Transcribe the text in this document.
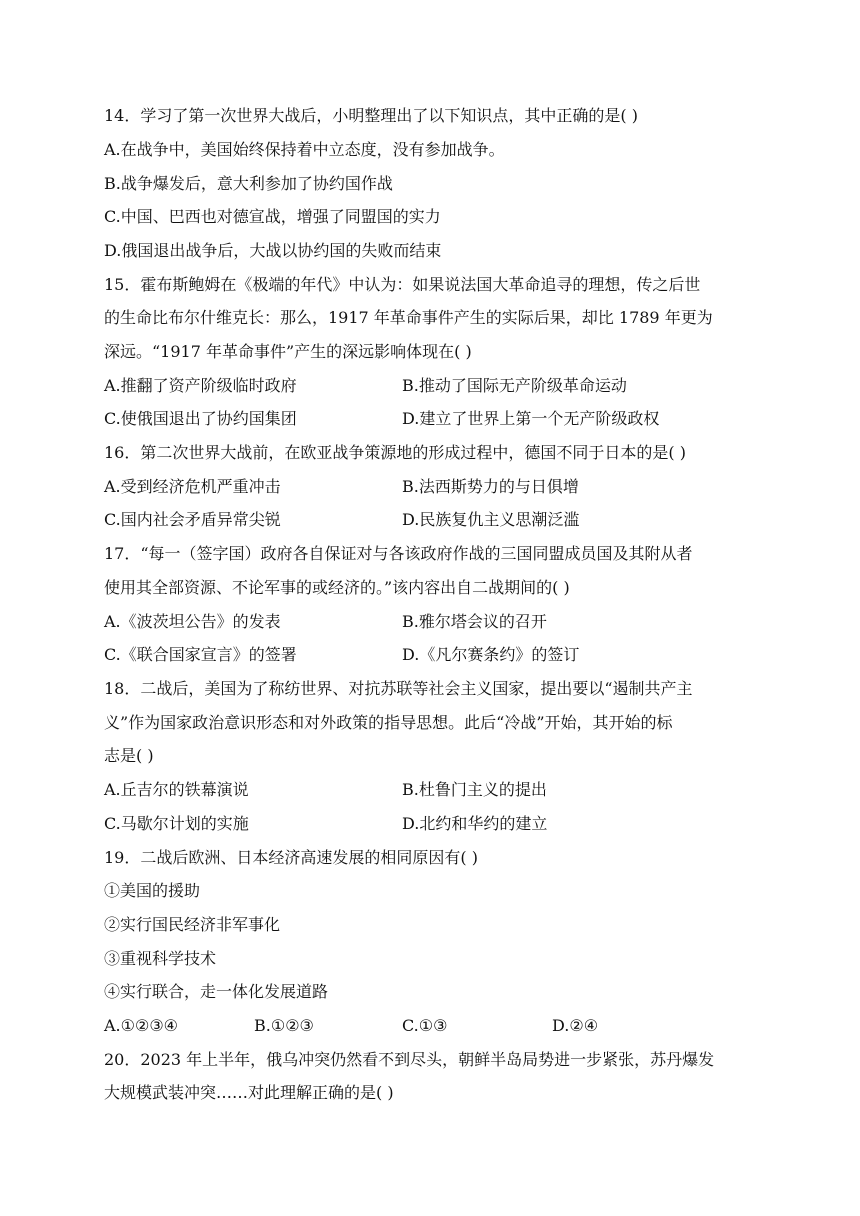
14．学习了第一次世界大战后，小明整理出了以下知识点，其中正确的是( )
A.在战争中，美国始终保持着中立态度，没有参加战争。
B.战争爆发后，意大利参加了协约国作战
C.中国、巴西也对德宣战，增强了同盟国的实力
D.俄国退出战争后，大战以协约国的失败而结束
15．霍布斯鲍姆在《极端的年代》中认为：如果说法国大革命追寻的理想，传之后世
的生命比布尔什维克长：那么，1917 年革命事件产生的实际后果，却比 1789 年更为
深远。“1917 年革命事件”产生的深远影响体现在( )
A.推翻了资产阶级临时政府	B.推动了国际无产阶级革命运动
C.使俄国退出了协约国集团	D.建立了世界上第一个无产阶级政权
16．第二次世界大战前，在欧亚战争策源地的形成过程中，德国不同于日本的是( )
A.受到经济危机严重冲击	B.法西斯势力的与日俱增
C.国内社会矛盾异常尖锐	D.民族复仇主义思潮泛滥
17．“每一（签字国）政府各自保证对与各该政府作战的三国同盟成员国及其附从者
使用其全部资源、不论军事的或经济的。”该内容出自二战期间的( )
A.《波茨坦公告》的发表	B.雅尔塔会议的召开
C.《联合国家宣言》的签署	D.《凡尔赛条约》的签订
18．二战后，美国为了称纺世界、对抗苏联等社会主义国家，提出要以“遏制共产主
义”作为国家政治意识形态和对外政策的指导思想。此后“冷战”开始，其开始的标
志是( )
A.丘吉尔的铁幕演说	B.杜鲁门主义的提出
C.马歇尔计划的实施	D.北约和华约的建立
19．二战后欧洲、日本经济高速发展的相同原因有( )
①美国的援助
②实行国民经济非军事化
③重视科学技术
④实行联合，走一体化发展道路
A.①②③④	B.①②③	C.①③	D.②④
20．2023 年上半年，俄乌冲突仍然看不到尽头，朝鲜半岛局势进一步紧张，苏丹爆发
大规模武装冲突……对此理解正确的是( )
